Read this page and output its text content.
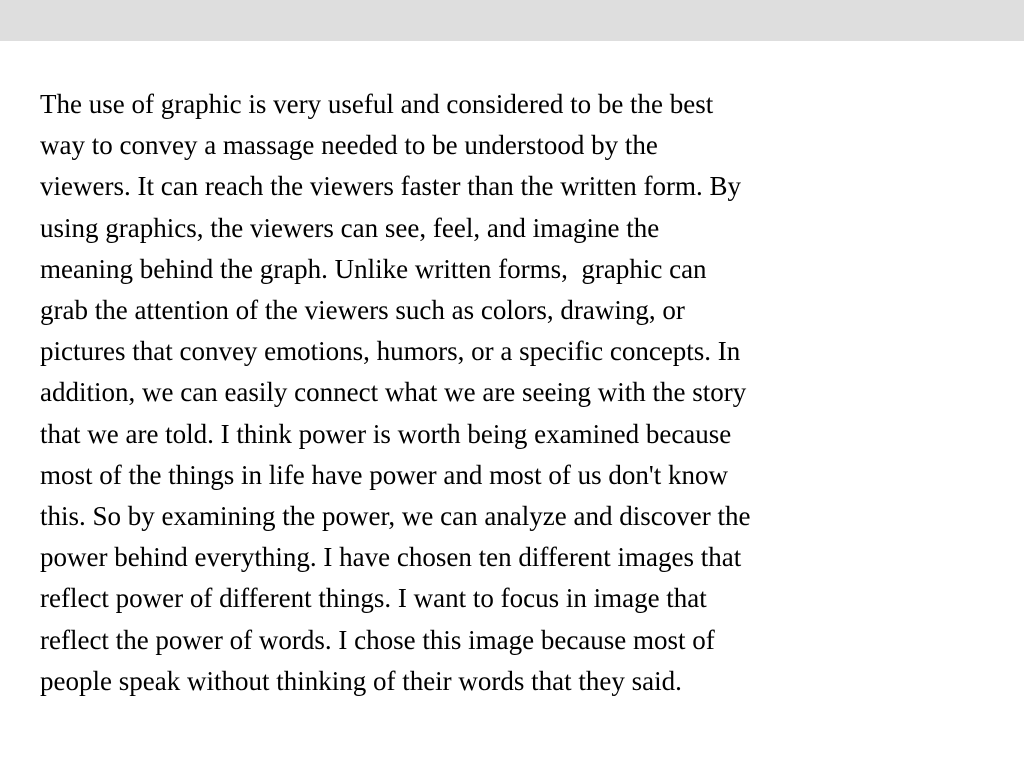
The use of graphic is very useful and considered to be the best

way to convey a massage needed to be understood by the

viewers. It can reach the viewers faster than the written form. By

using graphics, the viewers can see, feel, and imagine the

meaning behind the graph. Unlike written forms,  graphic can

grab the attention of the viewers such as colors, drawing, or

pictures that convey emotions, humors, or a specific concepts. In

addition, we can easily connect what we are seeing with the story

that we are told. I think power is worth being examined because

most of the things in life have power and most of us don't know

this. So by examining the power, we can analyze and discover the

power behind everything. I have chosen ten different images that

reflect power of different things. I want to focus in image that

reflect the power of words. I chose this image because most of

people speak without thinking of their words that they said.
